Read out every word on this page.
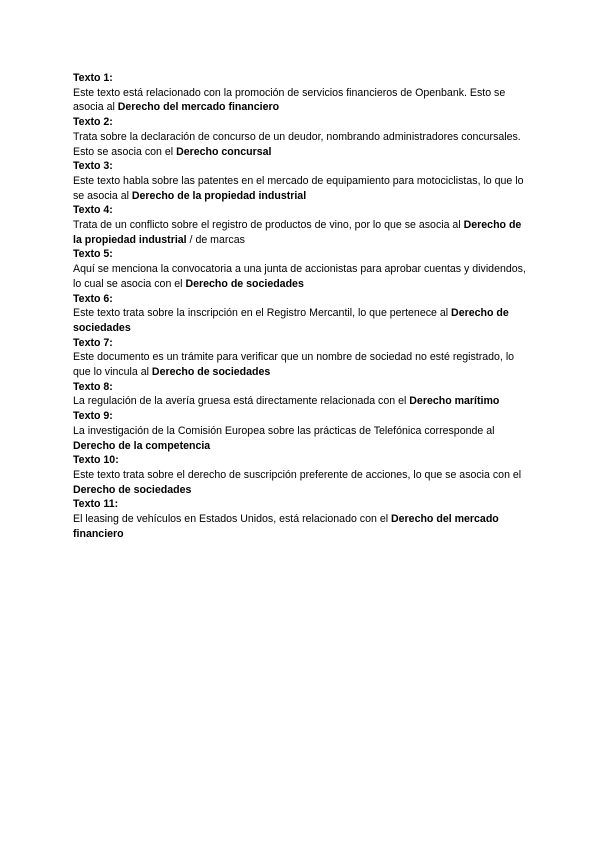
Texto 1:

Este texto está relacionado con la promoción de servicios financieros de Openbank. Esto se asocia al Derecho del mercado financiero

Texto 2:

Trata sobre la declaración de concurso de un deudor, nombrando administradores concursales. Esto se asocia con el Derecho concursal

Texto 3:

Este texto habla sobre las patentes en el mercado de equipamiento para motociclistas, lo que lo se asocia al Derecho de la propiedad industrial

Texto 4:

Trata de un conflicto sobre el registro de productos de vino, por lo que se asocia al Derecho de la propiedad industrial / de marcas

Texto 5:

Aquí se menciona la convocatoria a una junta de accionistas para aprobar cuentas y dividendos, lo cual se asocia con el Derecho de sociedades

Texto 6:

Este texto trata sobre la inscripción en el Registro Mercantil, lo que pertenece al Derecho de sociedades

Texto 7:

Este documento es un trámite para verificar que un nombre de sociedad no esté registrado, lo que lo vincula al Derecho de sociedades

Texto 8:

La regulación de la avería gruesa está directamente relacionada con el Derecho marítimo

Texto 9:

La investigación de la Comisión Europea sobre las prácticas de Telefónica corresponde al Derecho de la competencia

Texto 10:

Este texto trata sobre el derecho de suscripción preferente de acciones, lo que se asocia con el Derecho de sociedades

Texto 11:

El leasing de vehículos en Estados Unidos, está relacionado con el Derecho del mercado financiero
